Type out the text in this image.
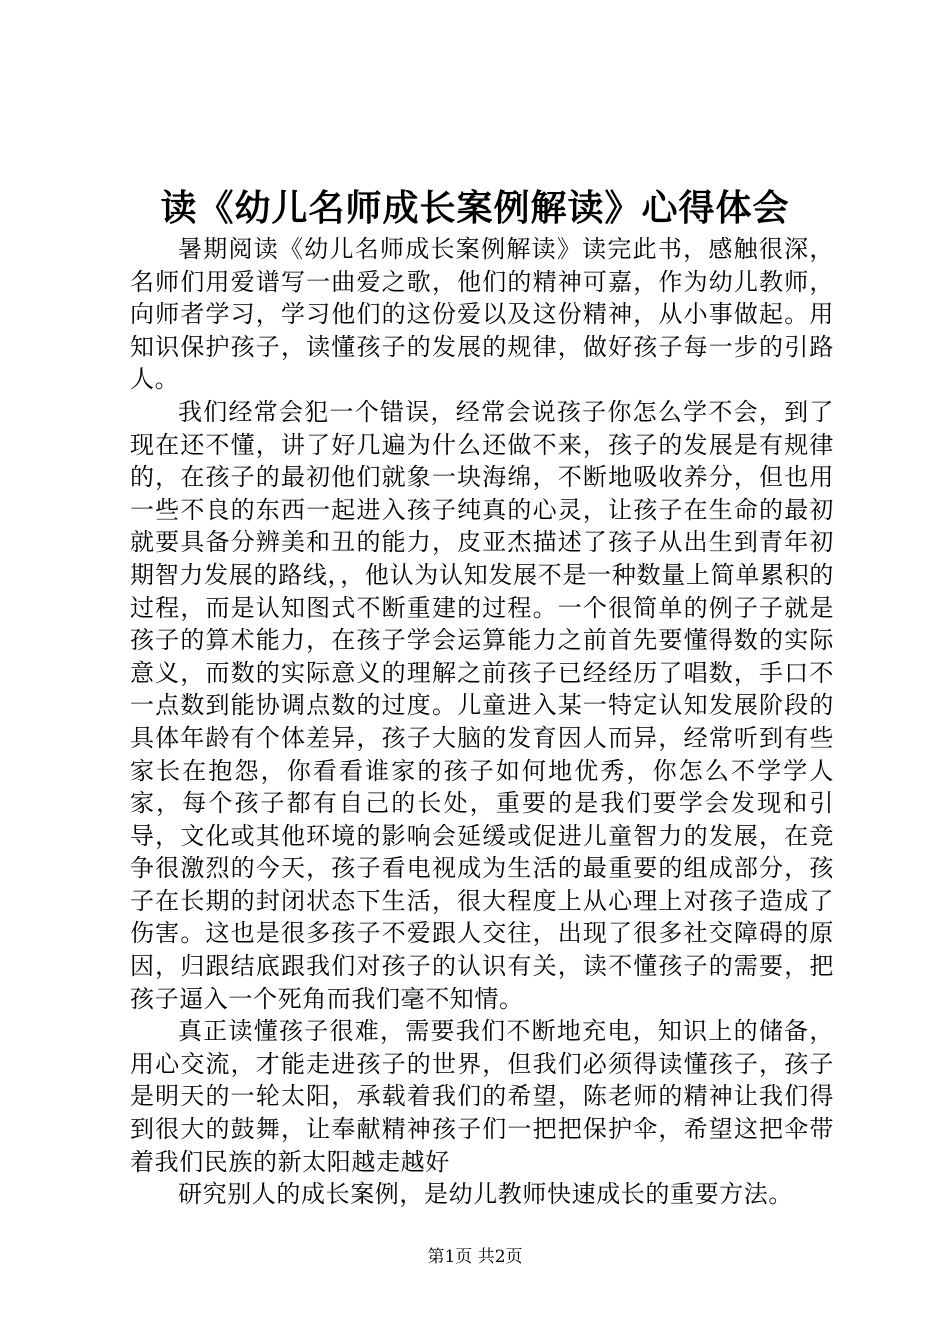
读《幼儿名师成长案例解读》心得体会

暑期阅读《幼儿名师成长案例解读》读完此书，感触很深，名师们用爱谱写一曲爱之歌，他们的精神可嘉，作为幼儿教师，向师者学习，学习他们的这份爱以及这份精神，从小事做起。用知识保护孩子，读懂孩子的发展的规律，做好孩子每一步的引路人。

我们经常会犯一个错误，经常会说孩子你怎么学不会，到了现在还不懂，讲了好几遍为什么还做不来，孩子的发展是有规律的，在孩子的最初他们就象一块海绵，不断地吸收养分，但也用一些不良的东西一起进入孩子纯真的心灵，让孩子在生命的最初就要具备分辨美和丑的能力，皮亚杰描述了孩子从出生到青年初期智力发展的路线，，他认为认知发展不是一种数量上简单累积的过程，而是认知图式不断重建的过程。一个很简单的例子子就是孩子的算术能力，在孩子学会运算能力之前首先要懂得数的实际意义，而数的实际意义的理解之前孩子已经经历了唱数，手口不一点数到能协调点数的过度。儿童进入某一特定认知发展阶段的具体年龄有个体差异，孩子大脑的发育因人而异，经常听到有些家长在抱怨，你看看谁家的孩子如何地优秀，你怎么不学学人家，每个孩子都有自己的长处，重要的是我们要学会发现和引导，文化或其他环境的影响会延缓或促进儿童智力的发展，在竞争很激烈的今天，孩子看电视成为生活的最重要的组成部分，孩子在长期的封闭状态下生活，很大程度上从心理上对孩子造成了伤害。这也是很多孩子不爱跟人交往，出现了很多社交障碍的原因，归跟结底跟我们对孩子的认识有关，读不懂孩子的需要，把孩子逼入一个死角而我们毫不知情。

真正读懂孩子很难，需要我们不断地充电，知识上的储备，用心交流，才能走进孩子的世界，但我们必须得读懂孩子，孩子是明天的一轮太阳，承载着我们的希望，陈老师的精神让我们得到很大的鼓舞，让奉献精神孩子们一把把保护伞，希望这把伞带着我们民族的新太阳越走越好

研究别人的成长案例，是幼儿教师快速成长的重要方法。

第1页 共2页
